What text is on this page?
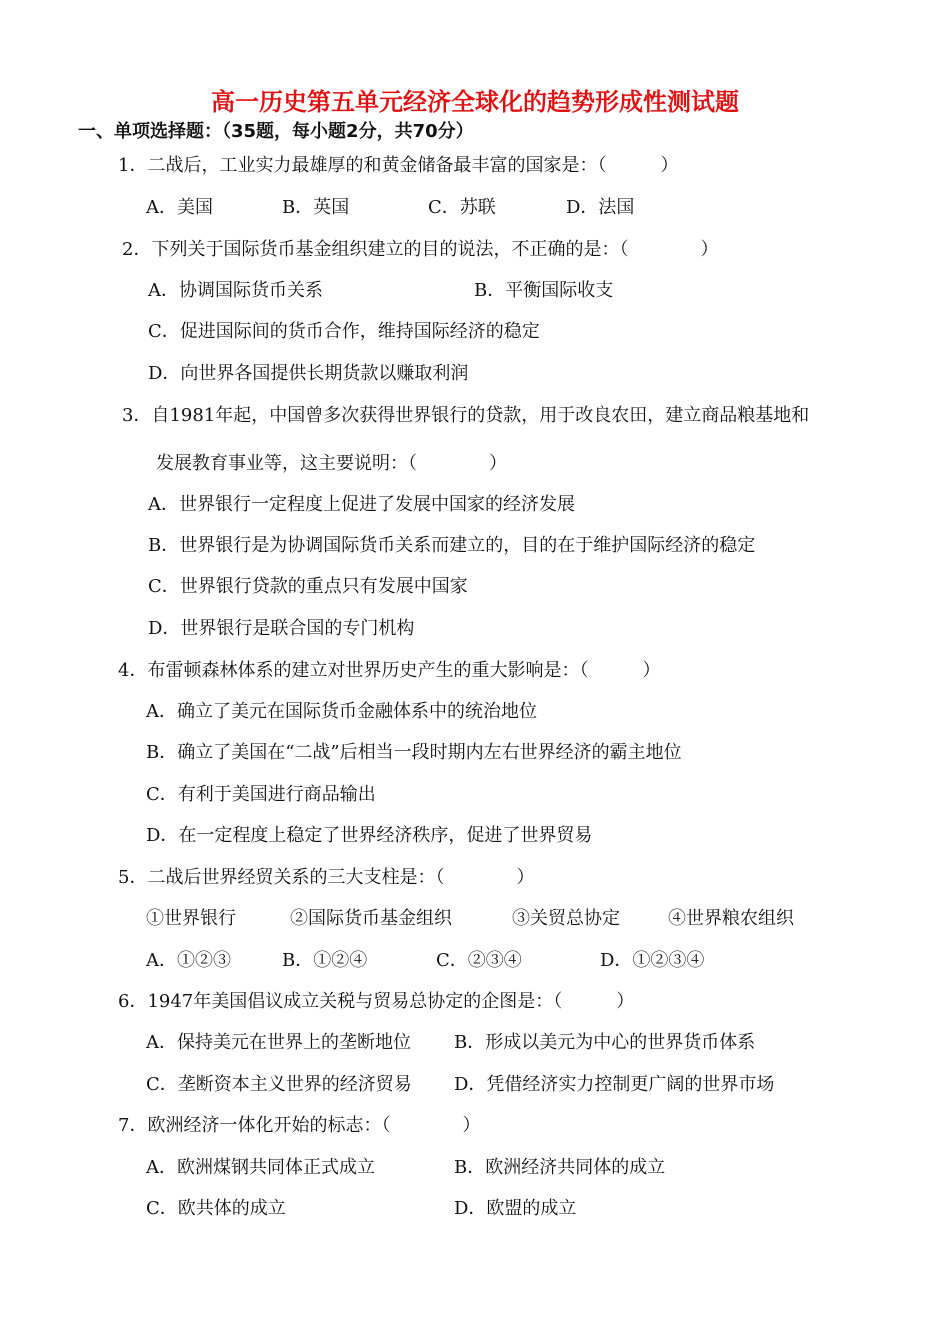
高一历史第五单元经济全球化的趋势形成性测试题
一、单项选择题：（35题，每小题2分，共70分）
1．二战后，工业实力最雄厚的和黄金储备最丰富的国家是：（　　　）
A．美国	B．英国	C．苏联	D．法国
2．下列关于国际货币基金组织建立的目的说法，不正确的是：（　　　　）
A．协调国际货币关系	B．平衡国际收支
C．促进国际间的货币合作，维持国际经济的稳定
D．向世界各国提供长期货款以赚取利润
3．自1981年起，中国曾多次获得世界银行的贷款，用于改良农田，建立商品粮基地和
发展教育事业等，这主要说明：（　　　　）
A．世界银行一定程度上促进了发展中国家的经济发展
B．世界银行是为协调国际货币关系而建立的，目的在于维护国际经济的稳定
C．世界银行贷款的重点只有发展中国家
D．世界银行是联合国的专门机构
4．布雷顿森林体系的建立对世界历史产生的重大影响是：（　　　）
A．确立了美元在国际货币金融体系中的统治地位
B．确立了美国在“二战”后相当一段时期内左右世界经济的霸主地位
C．有利于美国进行商品输出
D．在一定程度上稳定了世界经济秩序，促进了世界贸易
5．二战后世界经贸关系的三大支柱是：（　　　　）
①世界银行	②国际货币基金组织	③关贸总协定	④世界粮农组织
A．①②③	B．①②④	C．②③④	D．①②③④
6．1947年美国倡议成立关税与贸易总协定的企图是：（　　　）
A．保持美元在世界上的垄断地位 B．形成以美元为中心的世界货币体系
C．垄断资本主义世界的经济贸易 D．凭借经济实力控制更广阔的世界市场
7．欧洲经济一体化开始的标志：（　　　　）
A．欧洲煤钢共同体正式成立	B．欧洲经济共同体的成立
C．欧共体的成立	D．欧盟的成立
